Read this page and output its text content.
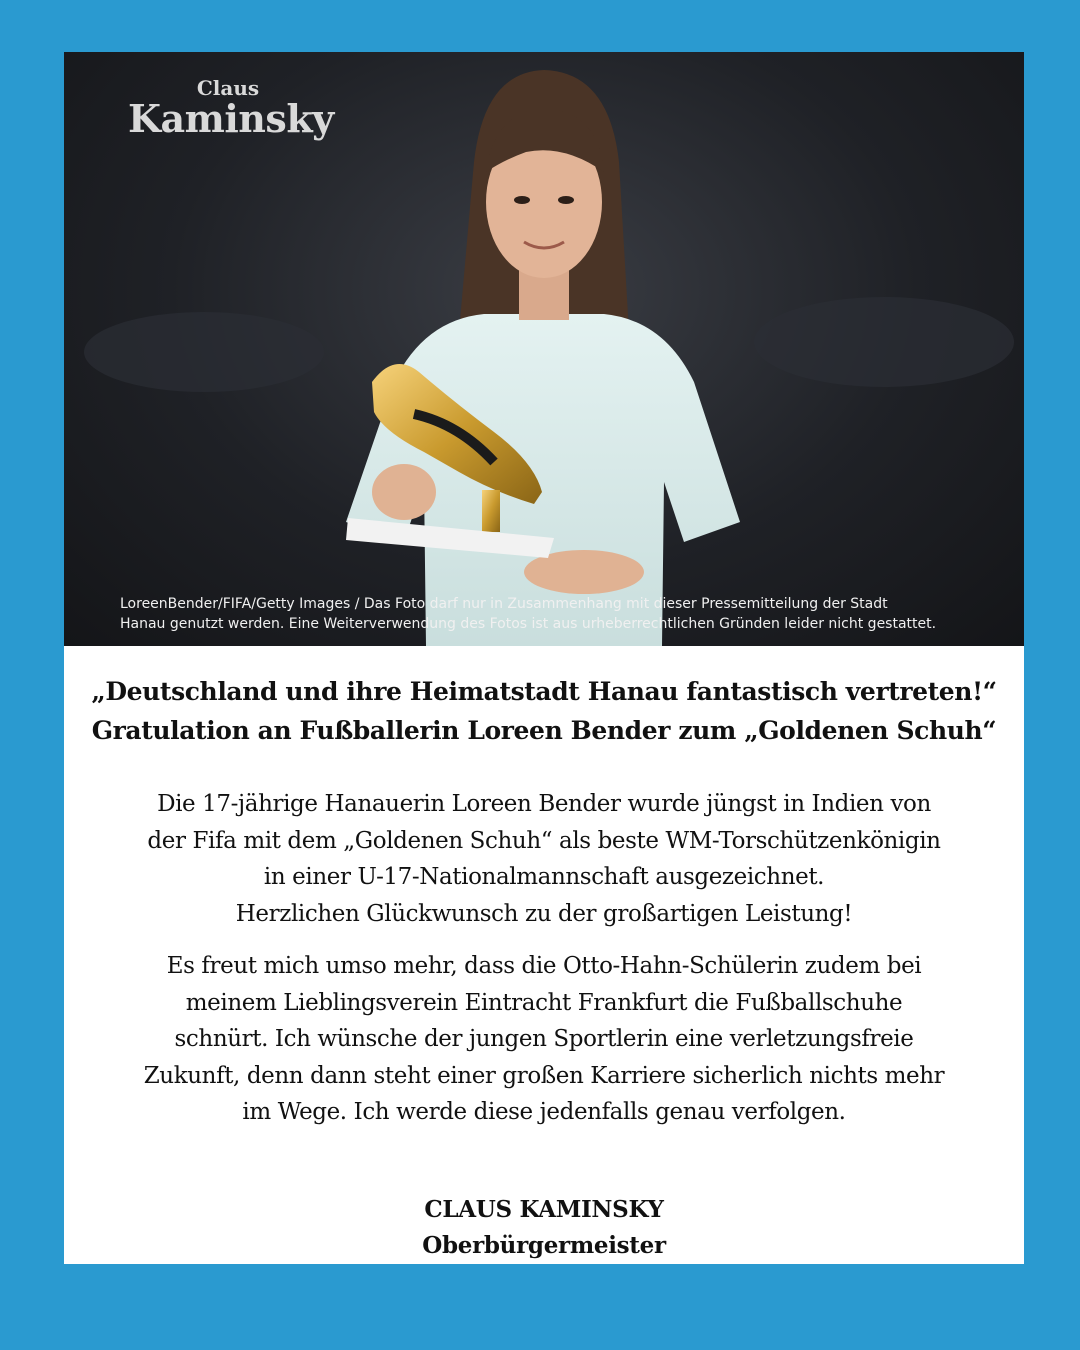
Claus
Kaminsky
LoreenBender/FIFA/Getty Images / Das Foto darf nur in Zusammenhang mit dieser Pressemitteilung der Stadt
Hanau genutzt werden. Eine Weiterverwendung des Fotos ist aus urheberrechtlichen Gründen leider nicht gestattet.
„Deutschland und ihre Heimatstadt Hanau fantastisch vertreten!“
Gratulation an Fußballerin Loreen Bender zum „Goldenen Schuh“
Die 17-jährige Hanauerin Loreen Bender wurde jüngst in Indien von
der Fifa mit dem „Goldenen Schuh“ als beste WM-Torschützenkönigin
in einer U-17-Nationalmannschaft ausgezeichnet.
Herzlichen Glückwunsch zu der großartigen Leistung!
Es freut mich umso mehr, dass die Otto-Hahn-Schülerin zudem bei
meinem Lieblingsverein Eintracht Frankfurt die Fußballschuhe
schnürt. Ich wünsche der jungen Sportlerin eine verletzungsfreie
Zukunft, denn dann steht einer großen Karriere sicherlich nichts mehr
im Wege. Ich werde diese jedenfalls genau verfolgen.
CLAUS KAMINSKY
Oberbürgermeister
